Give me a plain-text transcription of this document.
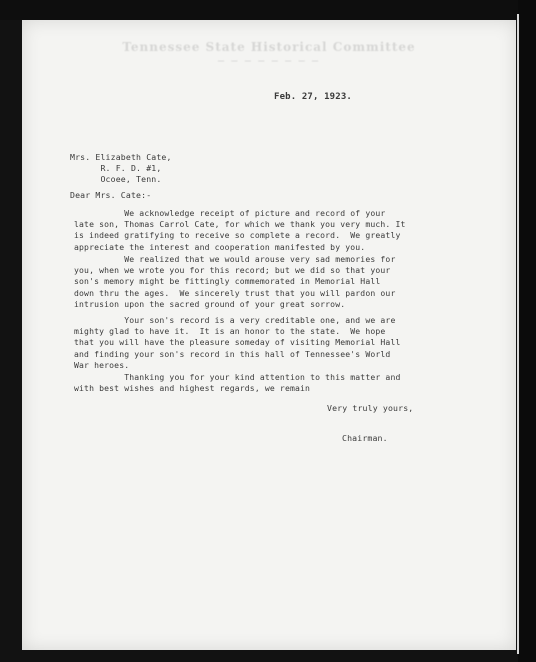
Tennessee State Historical Committee
— — — — — — — —
Feb. 27, 1923.
Mrs. Elizabeth Cate,
R. F. D. #1,
Ocoee, Tenn.
Dear Mrs. Cate:-
We acknowledge receipt of picture and record of your
late son, Thomas Carrol Cate, for which we thank you very much. It
is indeed gratifying to receive so complete a record.  We greatly
appreciate the interest and cooperation manifested by you.
We realized that we would arouse very sad memories for
you, when we wrote you for this record; but we did so that your
son's memory might be fittingly commemorated in Memorial Hall
down thru the ages.  We sincerely trust that you will pardon our
intrusion upon the sacred ground of your great sorrow.
Your son's record is a very creditable one, and we are
mighty glad to have it.  It is an honor to the state.  We hope
that you will have the pleasure someday of visiting Memorial Hall
and finding your son's record in this hall of Tennessee's World
War heroes.
Thanking you for your kind attention to this matter and
with best wishes and highest regards, we remain
Very truly yours,
Chairman.
